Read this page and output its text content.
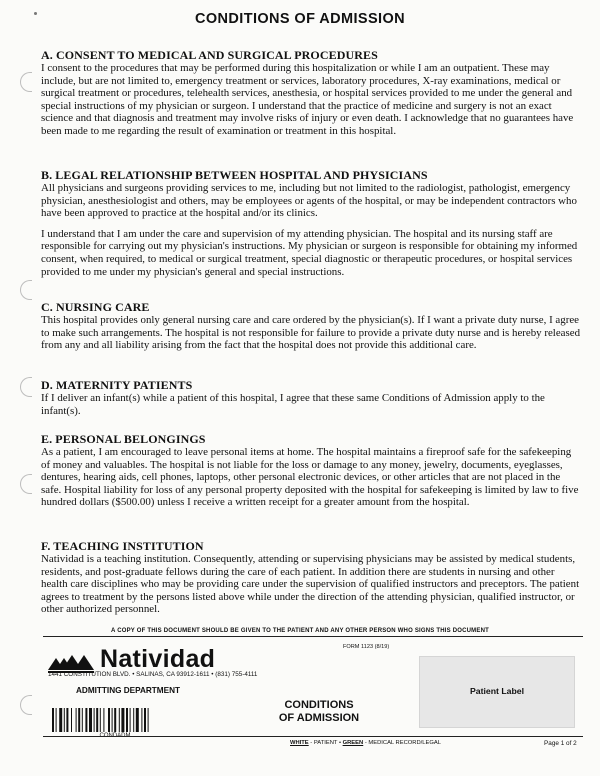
CONDITIONS OF ADMISSION

A. CONSENT TO MEDICAL AND SURGICAL PROCEDURES

I consent to the procedures that may be performed during this hospitalization or while I am an outpatient. These may include, but are not limited to, emergency treatment or services, laboratory procedures, X-ray examinations, medical or surgical treatment or procedures, telehealth services, anesthesia, or hospital services provided to me under the general and special instructions of my physician or surgeon. I understand that the practice of medicine and surgery is not an exact science and that diagnosis and treatment may involve risks of injury or even death. I acknowledge that no guarantees have been made to me regarding the result of examination or treatment in this hospital.

B. LEGAL RELATIONSHIP BETWEEN HOSPITAL AND PHYSICIANS

All physicians and surgeons providing services to me, including but not limited to the radiologist, pathologist, emergency physician, anesthesiologist and others, may be employees or agents of the hospital, or may be independent contractors who have been approved to practice at the hospital and/or its clinics.

I understand that I am under the care and supervision of my attending physician. The hospital and its nursing staff are responsible for carrying out my physician's instructions. My physician or surgeon is responsible for obtaining my informed consent, when required, to medical or surgical treatment, special diagnostic or therapeutic procedures, or hospital services provided to me under my physician's general and special instructions.

C. NURSING CARE

This hospital provides only general nursing care and care ordered by the physician(s). If I want a private duty nurse, I agree to make such arrangements. The hospital is not responsible for failure to provide a private duty nurse and is hereby released from any and all liability arising from the fact that the hospital does not provide this additional care.

D. MATERNITY PATIENTS

If I deliver an infant(s) while a patient of this hospital, I agree that these same Conditions of Admission apply to the infant(s).

E. PERSONAL BELONGINGS

As a patient, I am encouraged to leave personal items at home. The hospital maintains a fireproof safe for the safekeeping of money and valuables. The hospital is not liable for the loss or damage to any money, jewelry, documents, eyeglasses, dentures, hearing aids, cell phones, laptops, other personal electronic devices, or other articles that are not placed in the safe. Hospital liability for loss of any personal property deposited with the hospital for safekeeping is limited by law to five hundred dollars ($500.00) unless I receive a written receipt for a greater amount from the hospital.

F. TEACHING INSTITUTION

Natividad is a teaching institution. Consequently, attending or supervising physicians may be assisted by medical students, residents, and post-graduate fellows during the care of each patient. In addition there are students in nursing and other health care disciplines who may be providing care under the supervision of qualified instructors and preceptors. The patient agrees to treatment by the persons listed above while under the direction of the attending physician, qualified instructor, or other authorized personnel.

A COPY OF THIS DOCUMENT SHOULD BE GIVEN TO THE PATIENT AND ANY OTHER PERSON WHO SIGNS THIS DOCUMENT
Natividad
1441 CONSTITUTION BLVD. • SALINAS, CA 93912-1611 • (831) 755-4111
ADMITTING DEPARTMENT
FORM 1123 (8/19)
CONDITIONS
OF ADMISSION
Patient Label
WHITE - PATIENT • GREEN - MEDICAL RECORD/LEGAL	Page 1 of 2
